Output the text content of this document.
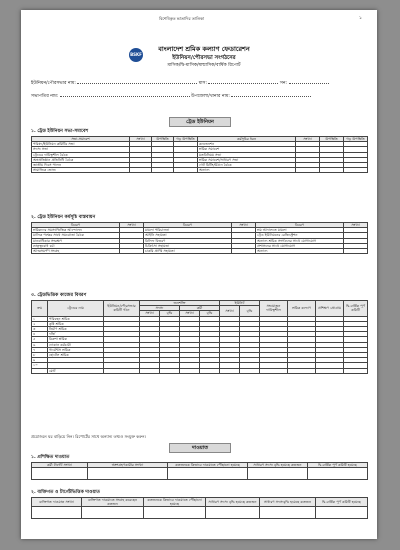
বিশেষিকৃত ভাতাদির তালিকা	১
BSKF
বাংলাদেশ শ্রমিক কল্যাণ ফেডারেশন
ইউনিয়ন/পৌরসভা সংগঠনের
মাসিক/দ্বি-মাসিক/ষান্মাসিক/বার্ষিক রিপোর্ট
ইউনিয়ন/পৌরসভার নাম:	মাস:	সন:
সভাপতির নাম:	উপজেলা/থানার নাম:
ট্রেড ইউনিয়ন
১. ট্রেড ইউনিয়ন সভা-সমাবেশ
সভা-সমাবেশ	সংখ্যা	উপস্থিতি	গড় উপস্থিতি	কর্মসূচির ধরন	সংখ্যা	উপস্থিতি	গড় উপস্থিতি
পরিষদ/ইউনিয়ন কমিটির সভা				কনভেনশন			
সদস্য সভা				শ্রমিক সমাবেশ			
ট্রেডের দায়িত্বশীল বৈঠক				মতবিনিময় সভা			
অঙ্গপ্রতিষ্ঠান প্রতিনিধি বৈঠক				শ্রমিক সমাবেশ/সাধারণ সভা			
জাতীয় দিবস পালন				গেট মিটিং/উঠান বৈঠক			
সামাজিক ভোজ				অন্যান্য			
২. ট্রেড ইউনিয়ন কর্মসূচি বাস্তবায়ন
বিবরণ	সংখ্যা	বিবরণ	সংখ্যা	বিবরণ	সংখ্যা
শ্রমিকদের সমস্যাভিত্তিক আন্দোলন		মামলা পরিচালনা		শ্রম আদালতে মামলা	
মালিক পক্ষের সাথে সমঝোতা বৈঠক		আইনি সহায়তা		ট্রেড ইউনিয়নের রেজিস্ট্রেশন	
মানবাধিকার সংরক্ষণ		রিলিফ বিতরণ		অন্যান্য শ্রমিক সংগঠনের সাথে যোগাযোগ	
ভ্রাতৃত্ববোধ চর্চা		চিকিৎসা সহায়তা		প্রশাসনের সাথে যোগাযোগ	
আত্মসমর্পণ সংগ্রহ		চাকরি প্রাপ্তি সহায়তা		অন্যান্য	
৩. ট্রেডভিত্তিক কাজের বিবরণ
ক্রম	ট্রেডের নাম	ইউনিয়ন/পৌরসভার কমিটি গঠন	জনশক্তি				ইউনিট		সংযোজন দায়িত্বশীল	শ্রমিক কল্যাণ	প্রশিক্ষণ প্রোগ্রাম	দ্বি-বার্ষিক পূর্ণ কমিটি
			সদস্য		কর্মী		সংখ্যা	বৃদ্ধি				
			সংখ্যা	বৃদ্ধি	সংখ্যা	বৃদ্ধি						
১	পরিবহন শ্রমিক											
২	কৃষি শ্রমিক											
৩	নির্মাণ শ্রমিক											
৪	দর্জি											
৫	রিকশা শ্রমিক											
৬	দোকান কর্মচারী											
৭	গার্মেন্টস শ্রমিক											
৮	হোটেল শ্রমিক											
৯												
১০												
	মোট											
প্রয়োজনে ঘর বাড়িয়ে নিন। রিপোর্টের সাথে অন্যান্য তথ্যও সংযুক্ত করুন।
দাওয়াত
১. প্রশিক্ষিত দাওয়াত
কর্মী টার্গেট সংখ্যা	অংশগ্রহণকারীর সংখ্যা	কতজনকে কিভাবে দাওয়াতে পৌঁছানো হয়েছে	সাধারণ সদস্য বৃদ্ধি হয়েছে কতজন	দ্বি-বার্ষিক পূর্ণ কমিটি হয়েছে

২. ব্যক্তিগত ও টার্গেটভিত্তিক দাওয়াত
ব্যক্তিগত দাওয়াত সংখ্যা	ব্যক্তিগত দাওয়াতে সংগ্রহ করেছেন কতজন	কতজনকে কিভাবে দাওয়াতে পৌঁছানো হয়েছে	সাধারণ সদস্য বৃদ্ধি হয়েছে কতজন	সাধারণ সদস্যবৃদ্ধি হয়েছে কতজন	দ্বি-বার্ষিক পূর্ণ কমিটি হয়েছে
